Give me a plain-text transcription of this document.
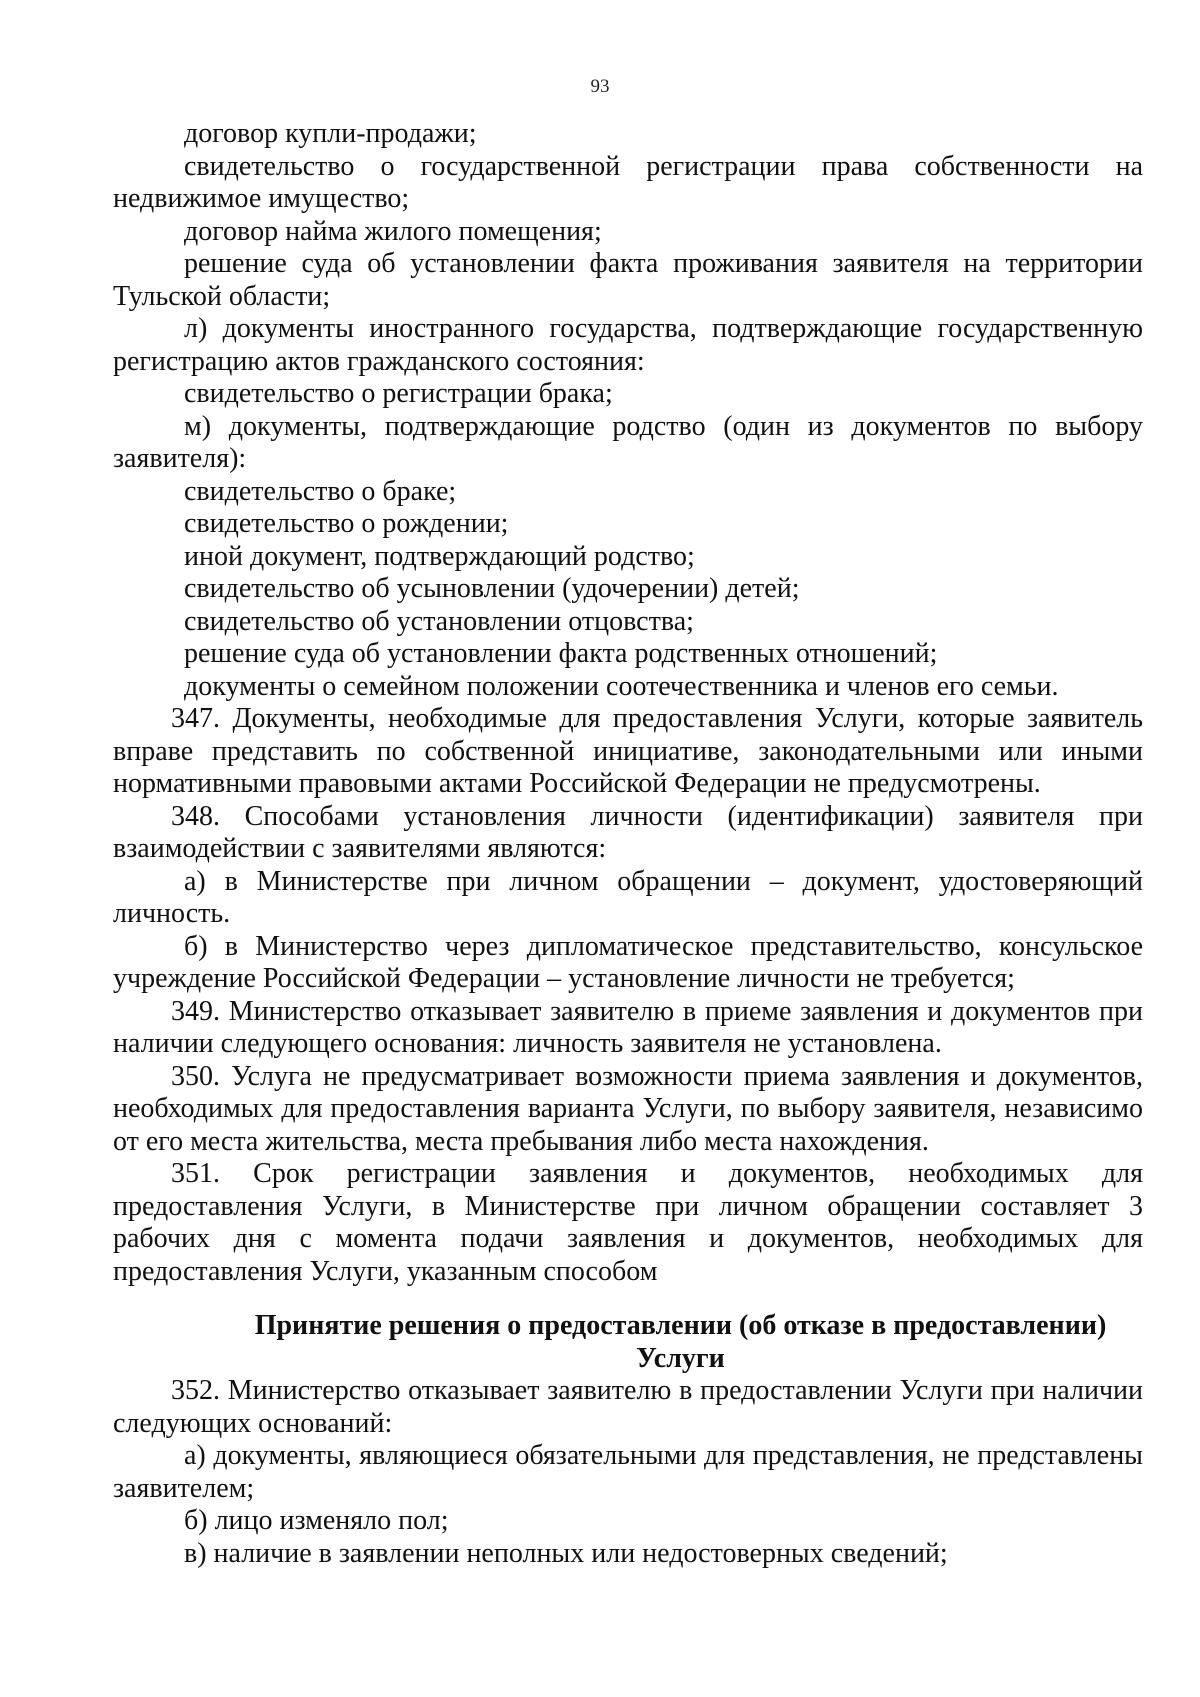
93

договор купли-продажи;

свидетельство о государственной регистрации права собственности на недвижимое имущество;

договор найма жилого помещения;

решение суда об установлении факта проживания заявителя на территории Тульской области;

л) документы иностранного государства, подтверждающие государственную регистрацию актов гражданского состояния:

свидетельство о регистрации брака;

м) документы, подтверждающие родство (один из документов по выбору заявителя):

свидетельство о браке;

свидетельство о рождении;

иной документ, подтверждающий родство;

свидетельство об усыновлении (удочерении) детей;

свидетельство об установлении отцовства;

решение суда об установлении факта родственных отношений;

документы о семейном положении соотечественника и членов его семьи.

347. Документы, необходимые для предоставления Услуги, которые заявитель вправе представить по собственной инициативе, законодательными или иными нормативными правовыми актами Российской Федерации не предусмотрены.

348. Способами установления личности (идентификации) заявителя при взаимодействии с заявителями являются:

а) в Министерстве при личном обращении – документ, удостоверяющий личность.

б) в Министерство через дипломатическое представительство, консульское учреждение Российской Федерации – установление личности не требуется;

349. Министерство отказывает заявителю в приеме заявления и документов при наличии следующего основания: личность заявителя не установлена.

350. Услуга не предусматривает возможности приема заявления и документов, необходимых для предоставления варианта Услуги, по выбору заявителя, независимо от его места жительства, места пребывания либо места нахождения.

351. Срок регистрации заявления и документов, необходимых для предоставления Услуги, в Министерстве при личном обращении составляет 3 рабочих дня с момента подачи заявления и документов, необходимых для предоставления Услуги, указанным способом

Принятие решения о предоставлении (об отказе в предоставлении)
Услуги

352. Министерство отказывает заявителю в предоставлении Услуги при наличии следующих оснований:

а) документы, являющиеся обязательными для представления, не представлены заявителем;

б) лицо изменяло пол;

в) наличие в заявлении неполных или недостоверных сведений;
